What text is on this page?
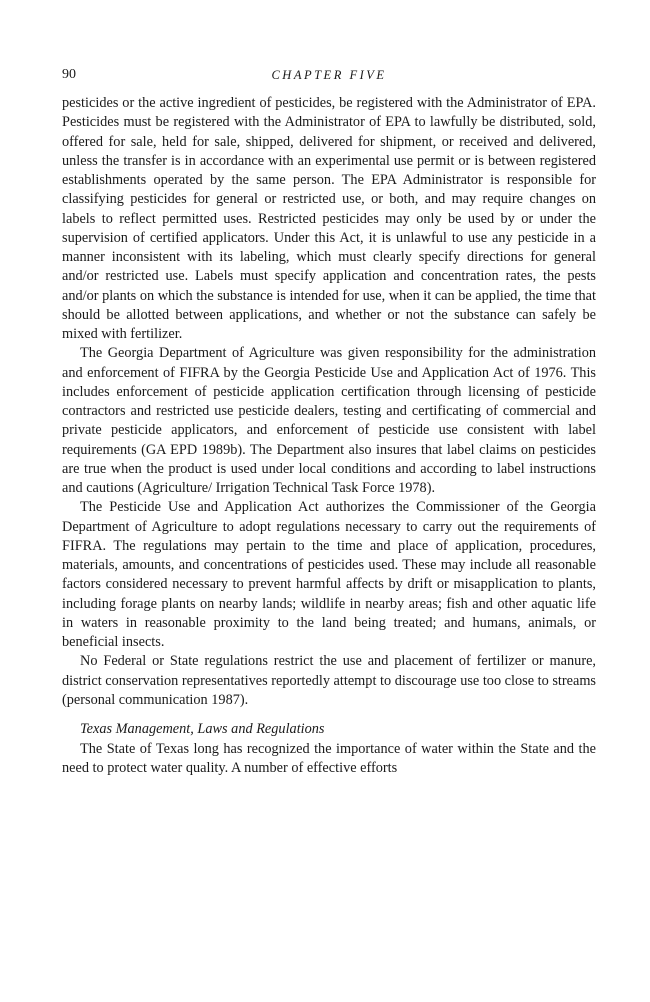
90	CHAPTER FIVE

pesticides or the active ingredient of pesticides, be registered with the Administrator of EPA. Pesticides must be registered with the Administrator of EPA to lawfully be distributed, sold, offered for sale, held for sale, shipped, delivered for shipment, or received and delivered, unless the transfer is in accordance with an experimental use permit or is between registered establishments operated by the same person. The EPA Administrator is responsible for classifying pesticides for general or restricted use, or both, and may require changes on labels to reflect permitted uses. Restricted pesticides may only be used by or under the supervision of certified applicators. Under this Act, it is unlawful to use any pesticide in a manner inconsistent with its labeling, which must clearly specify directions for general and/or restricted use. Labels must specify application and concentration rates, the pests and/or plants on which the substance is intended for use, when it can be applied, the time that should be allotted between applications, and whether or not the substance can safely be mixed with fertilizer.

The Georgia Department of Agriculture was given responsibility for the administration and enforcement of FIFRA by the Georgia Pesticide Use and Application Act of 1976. This includes enforcement of pesticide application certification through licensing of pesticide contractors and restricted use pesticide dealers, testing and certificating of commercial and private pesticide applicators, and enforcement of pesticide use consistent with label requirements (GA EPD 1989b). The Department also insures that label claims on pesticides are true when the product is used under local conditions and according to label instructions and cautions (Agriculture/ Irrigation Technical Task Force 1978).

The Pesticide Use and Application Act authorizes the Commissioner of the Georgia Department of Agriculture to adopt regulations necessary to carry out the requirements of FIFRA. The regulations may pertain to the time and place of application, procedures, materials, amounts, and concentrations of pesticides used. These may include all reasonable factors considered necessary to prevent harmful affects by drift or misapplication to plants, including forage plants on nearby lands; wildlife in nearby areas; fish and other aquatic life in waters in reasonable proximity to the land being treated; and humans, animals, or beneficial insects.

No Federal or State regulations restrict the use and placement of fertilizer or manure, district conservation representatives reportedly attempt to discourage use too close to streams (personal communication 1987).

Texas Management, Laws and Regulations

The State of Texas long has recognized the importance of water within the State and the need to protect water quality. A number of effective efforts
